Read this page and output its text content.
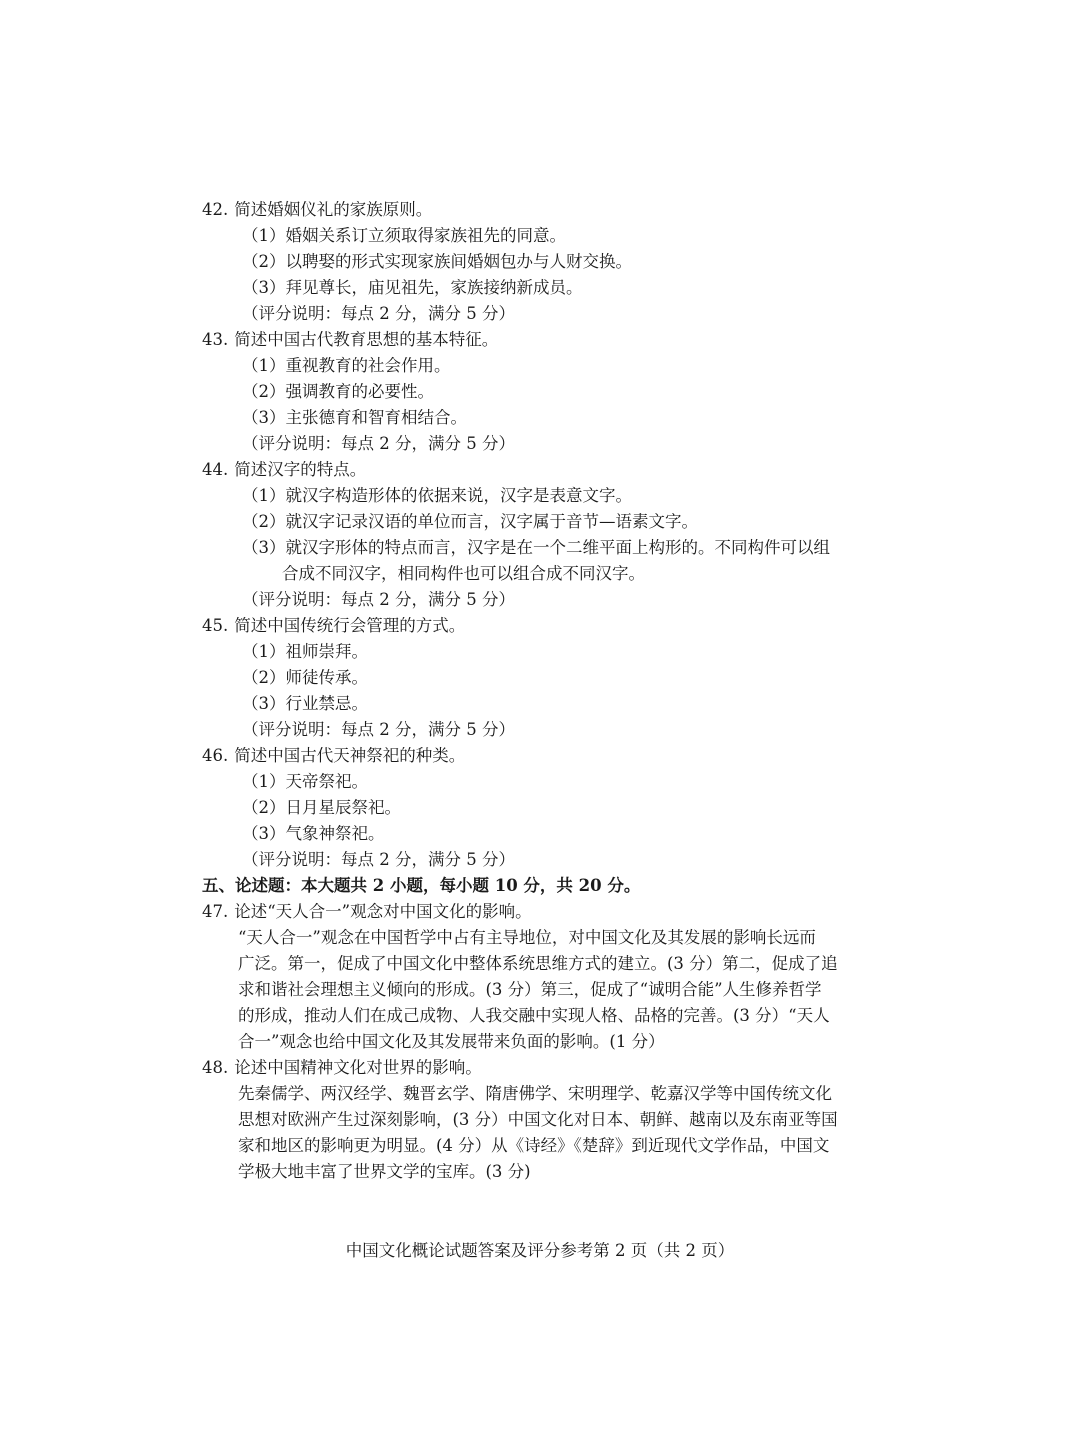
42. 简述婚姻仪礼的家族原则。
（1）婚姻关系订立须取得家族祖先的同意。
（2）以聘娶的形式实现家族间婚姻包办与人财交换。
（3）拜见尊长，庙见祖先，家族接纳新成员。
（评分说明：每点 2 分，满分 5 分）
43. 简述中国古代教育思想的基本特征。
（1）重视教育的社会作用。
（2）强调教育的必要性。
（3）主张德育和智育相结合。
（评分说明：每点 2 分，满分 5 分）
44. 简述汉字的特点。
（1）就汉字构造形体的依据来说，汉字是表意文字。
（2）就汉字记录汉语的单位而言，汉字属于音节—语素文字。
（3）就汉字形体的特点而言，汉字是在一个二维平面上构形的。不同构件可以组
合成不同汉字，相同构件也可以组合成不同汉字。
（评分说明：每点 2 分，满分 5 分）
45. 简述中国传统行会管理的方式。
（1）祖师崇拜。
（2）师徒传承。
（3）行业禁忌。
（评分说明：每点 2 分，满分 5 分）
46. 简述中国古代天神祭祀的种类。
（1）天帝祭祀。
（2）日月星辰祭祀。
（3）气象神祭祀。
（评分说明：每点 2 分，满分 5 分）
五、论述题：本大题共 2 小题，每小题 10 分，共 20 分。
47. 论述“天人合一”观念对中国文化的影响。
“天人合一”观念在中国哲学中占有主导地位，对中国文化及其发展的影响长远而
广泛。第一，促成了中国文化中整体系统思维方式的建立。(3 分）第二，促成了追
求和谐社会理想主义倾向的形成。(3 分）第三，促成了“诚明合能”人生修养哲学
的形成，推动人们在成己成物、人我交融中实现人格、品格的完善。(3 分）“天人
合一”观念也给中国文化及其发展带来负面的影响。(1 分）
48. 论述中国精神文化对世界的影响。
先秦儒学、两汉经学、魏晋玄学、隋唐佛学、宋明理学、乾嘉汉学等中国传统文化
思想对欧洲产生过深刻影响，(3 分）中国文化对日本、朝鲜、越南以及东南亚等国
家和地区的影响更为明显。(4 分）从《诗经》《楚辞》到近现代文学作品，中国文
学极大地丰富了世界文学的宝库。(3 分)
中国文化概论试题答案及评分参考第 2 页（共 2 页）
